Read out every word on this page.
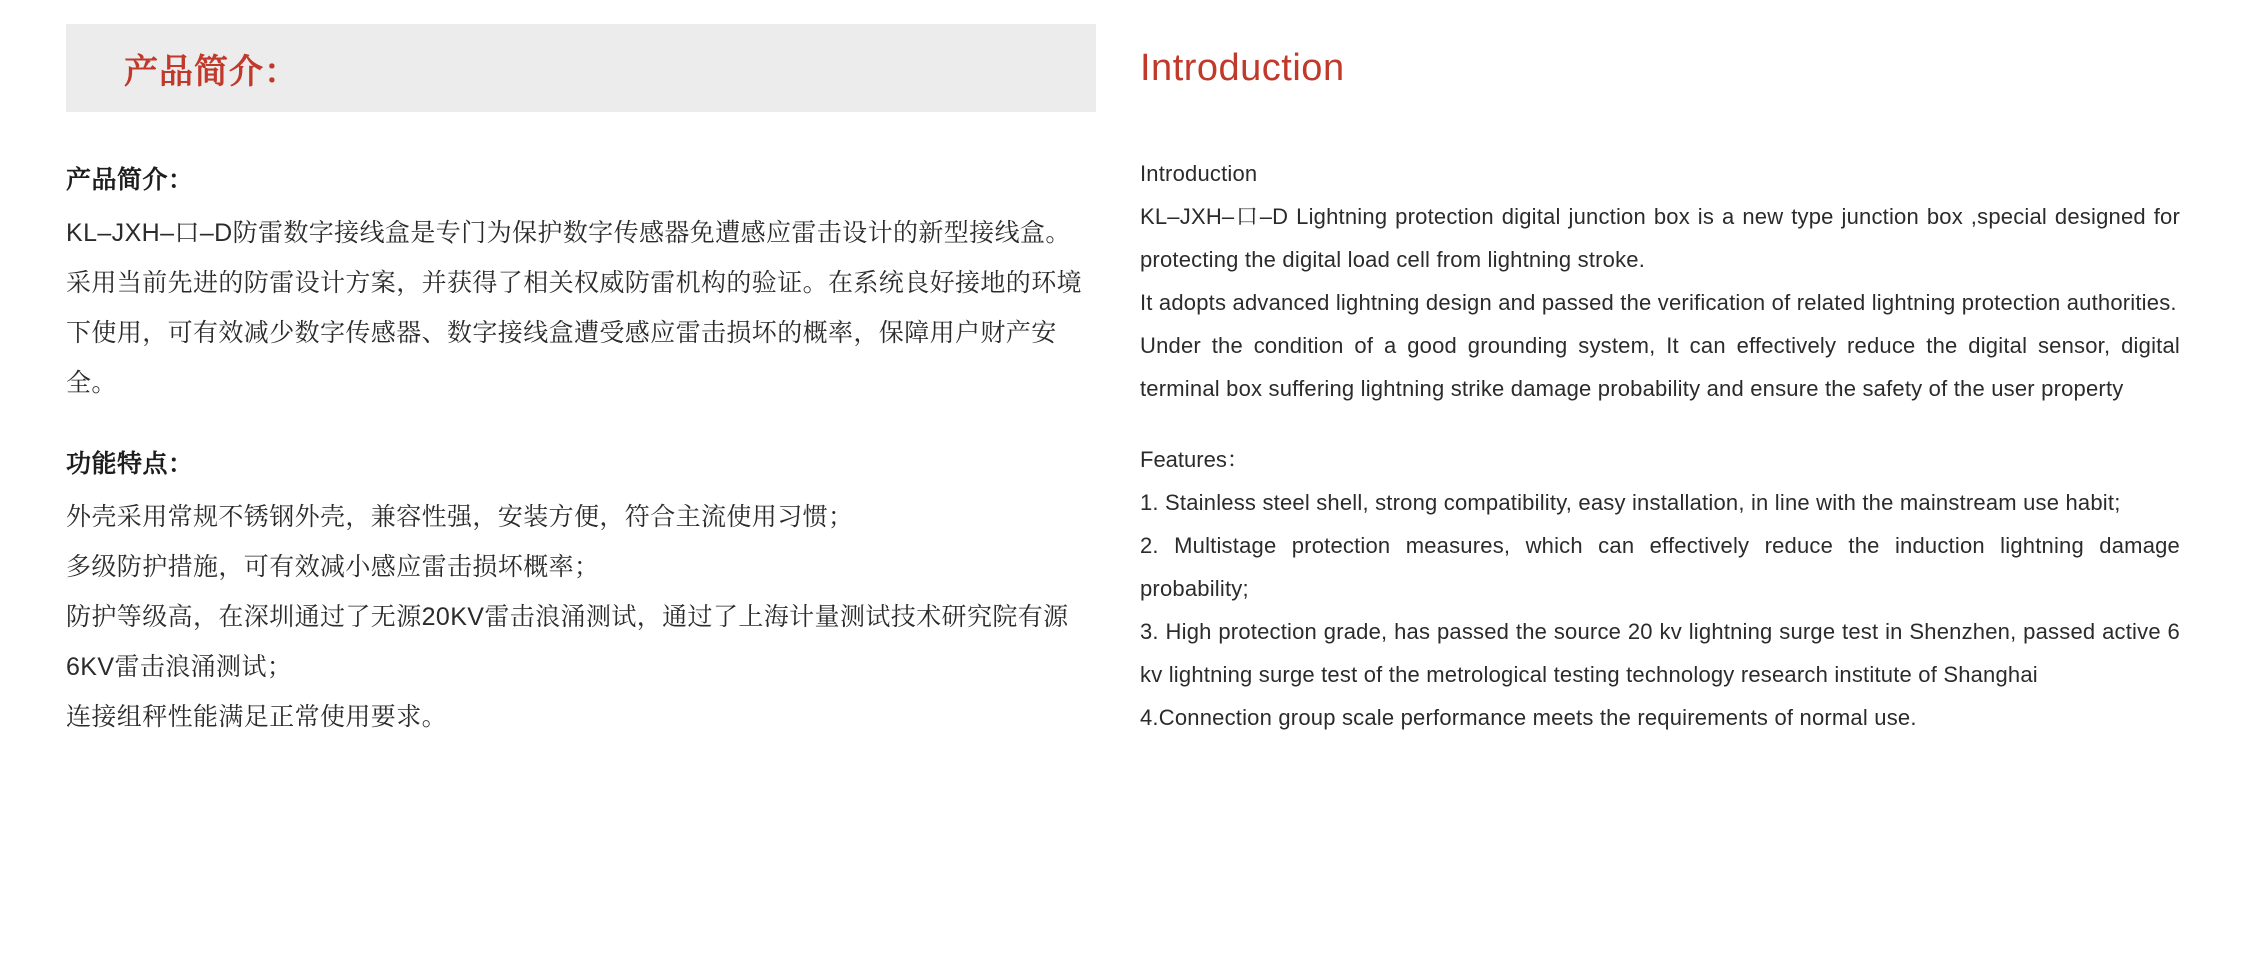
产品简介：
产品简介：
KL–JXH–口–D防雷数字接线盒是专门为保护数字传感器免遭感应雷击设计的新型接线盒。采用当前先进的防雷设计方案，并获得了相关权威防雷机构的验证。在系统良好接地的环境下使用，可有效减少数字传感器、数字接线盒遭受感应雷击损坏的概率，保障用户财产安全。
功能特点：
外壳采用常规不锈钢外壳，兼容性强，安装方便，符合主流使用习惯；
多级防护措施，可有效减小感应雷击损坏概率；
防护等级高，在深圳通过了无源20KV雷击浪涌测试，通过了上海计量测试技术研究院有源6KV雷击浪涌测试；
连接组秤性能满足正常使用要求。
Introduction
Introduction
KL–JXH–口–D Lightning protection digital junction box is a new type junction box ,special designed for protecting the digital load cell from lightning stroke.
It adopts advanced lightning design and passed the verification of related lightning protection authorities.
Under the condition of a good grounding system, It can effectively reduce the digital sensor, digital terminal box suffering lightning strike damage probability and ensure the safety of the user property
Features：
1. Stainless steel shell, strong compatibility, easy installation, in line with the mainstream use habit;
2. Multistage protection measures, which can effectively reduce the induction lightning damage probability;
3. High protection grade, has passed the source 20 kv lightning surge test in Shenzhen, passed active 6 kv lightning surge test of the metrological testing technology research institute of Shanghai
4.Connection group scale performance meets the requirements of normal use.
